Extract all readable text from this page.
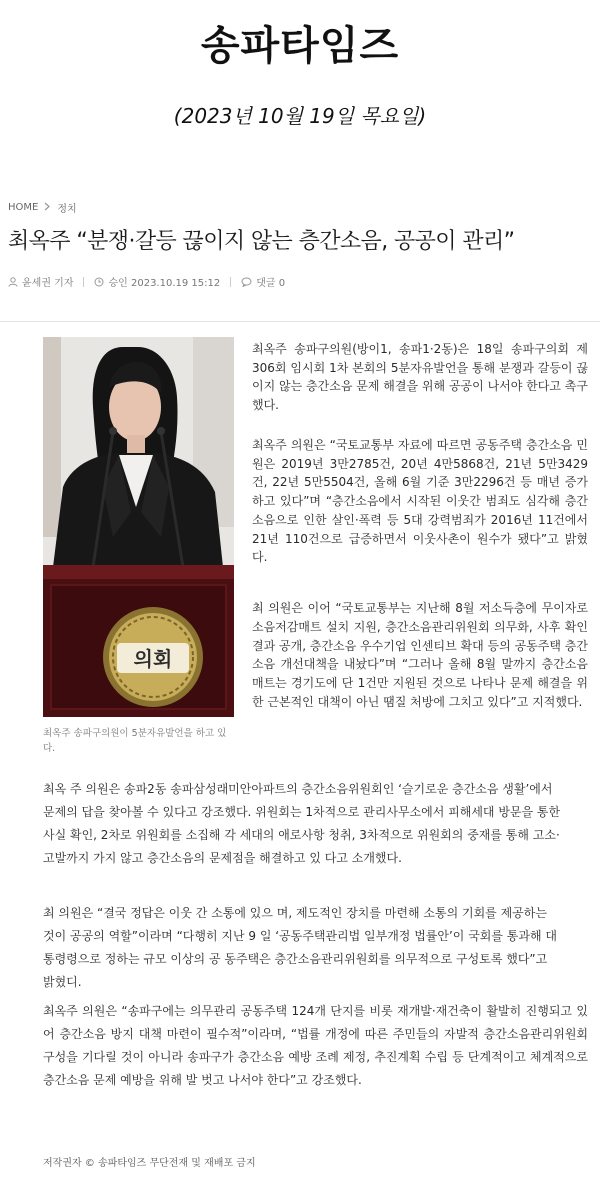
송파타임즈
(2023년 10월 19일 목요일)
HOME 정치
최옥주 “분쟁·갈등 끊이지 않는 층간소음, 공공이 관리”
윤세권 기자	승인 2023.10.19 15:12	댓글 0
의회
최옥주 송파구의원이 5분자유발언을 하고 있다.

최옥주 송파구의원(방이1, 송파1·2동)은 18일 송파구의회 제306회 임시회 1차 본회의 5분자유발언을 통해 분쟁과 갈등이 끊이지 않는 층간소음 문제 해결을 위해 공공이 나서야 한다고 촉구했다.

최옥주 의원은 “국토교통부 자료에 따르면 공동주택 층간소음 민원은 2019년 3만2785건, 20년 4만5868건, 21년 5만3429건, 22년 5만5504건, 올해 6월 기준 3만2296건 등 매년 증가하고 있다”며 “층간소음에서 시작된 이웃간 범죄도 심각해 층간소음으로 인한 살인·폭력 등 5대 강력범죄가 2016년 11건에서 21년 110건으로 급증하면서 이웃사촌이 원수가 됐다”고 밝혔다.

최 의원은 이어 “국토교통부는 지난해 8월 저소득층에 무이자로 소음저감매트 설치 지원, 층간소음관리위원회 의무화, 사후 확인 결과 공개, 층간소음 우수기업 인센티브 확대 등의 공동주택 층간소음 개선대책을 내놨다”며 “그러나 올해 8월 말까지 층간소음 매트는 경기도에 단 1건만 지원된 것으로 나타나 문제 해결을 위한 근본적인 대책이 아닌 땜질 처방에 그치고 있다”고 지적했다.

최옥 주 의원은 송파2동 송파삼성래미안아파트의 층간소음위원회인 ‘슬기로운 층간소음 생활’에서 문제의 답을 찾아볼 수 있다고 강조했다. 위원회는 1차적으로 관리사무소에서 피해세대 방문을 통한 사실 확인, 2차로 위원회를 소집해 각 세대의 애로사항 청취, 3차적으로 위원회의 중재를 통해 고소·고발까지 가지 않고 층간소음의 문제점을 해결하고 있 다고 소개했다.

최 의원은 “결국 정답은 이웃 간 소통에 있으 며, 제도적인 장치를 마련해 소통의 기회를 제공하는 것이 공공의 역할”이라며 “다행히 지난 9 일 ‘공동주택관리법 일부개정 법률안’이 국회를 통과해 대통령령으로 정하는 규모 이상의 공 동주택은 층간소음관리위원회를 의무적으로 구성토록 했다”고 밝혔디.

최옥주 의원은 “송파구에는 의무관리 공동주택 124개 단지를 비롯 재개발·재건축이 활발히 진행되고 있어 층간소음 방지 대책 마련이 필수적”이라며, “법률 개정에 따른 주민들의 자발적 층간소음관리위원회 구성을 기다릴 것이 아니라 송파구가 층간소음 예방 조례 제정, 추진계획 수립 등 단계적이고 체계적으로 층간소음 문제 예방을 위해 발 벗고 나서야 한다”고 강조했다.

저작권자 © 송파타임즈 무단전재 및 재배포 금지
